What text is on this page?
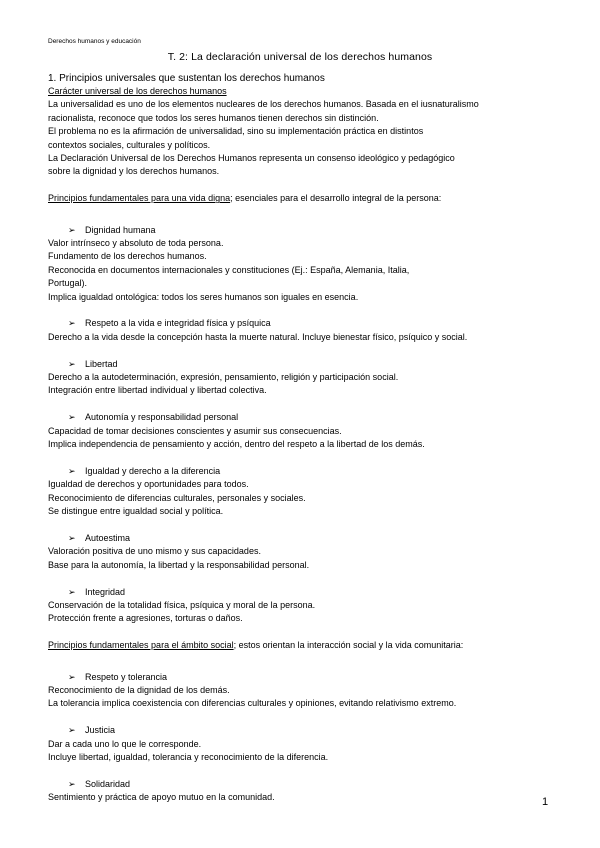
Derechos humanos y educación
T. 2: La declaración universal de los derechos humanos

1. Principios universales que sustentan los derechos humanos

Carácter universal de los derechos humanos

La universalidad es uno de los elementos nucleares de los derechos humanos. Basada en el iusnaturalismo

racionalista, reconoce que todos los seres humanos tienen derechos sin distinción.

El problema no es la afirmación de universalidad, sino su implementación práctica en distintos

contextos sociales, culturales y políticos.

La Declaración Universal de los Derechos Humanos representa un consenso ideológico y pedagógico

sobre la dignidad y los derechos humanos.

Principios fundamentales para una vida digna; esenciales para el desarrollo integral de la persona:

➢	Dignidad humana

Valor intrínseco y absoluto de toda persona.

Fundamento de los derechos humanos.

Reconocida en documentos internacionales y constituciones (Ej.: España, Alemania, Italia,

Portugal).

Implica igualdad ontológica: todos los seres humanos son iguales en esencia.

➢	Respeto a la vida e integridad física y psíquica

Derecho a la vida desde la concepción hasta la muerte natural. Incluye bienestar físico, psíquico y social.

➢	Libertad

Derecho a la autodeterminación, expresión, pensamiento, religión y participación social.

Integración entre libertad individual y libertad colectiva.

➢	Autonomía y responsabilidad personal

Capacidad de tomar decisiones conscientes y asumir sus consecuencias.

Implica independencia de pensamiento y acción, dentro del respeto a la libertad de los demás.

➢	Igualdad y derecho a la diferencia

Igualdad de derechos y oportunidades para todos.

Reconocimiento de diferencias culturales, personales y sociales.

Se distingue entre igualdad social y política.

➢	Autoestima

Valoración positiva de uno mismo y sus capacidades.

Base para la autonomía, la libertad y la responsabilidad personal.

➢	Integridad

Conservación de la totalidad física, psíquica y moral de la persona.

Protección frente a agresiones, torturas o daños.

Principios fundamentales para el ámbito social; estos orientan la interacción social y la vida comunitaria:

➢	Respeto y tolerancia

Reconocimiento de la dignidad de los demás.

La tolerancia implica coexistencia con diferencias culturales y opiniones, evitando relativismo extremo.

➢	Justicia

Dar a cada uno lo que le corresponde.

Incluye libertad, igualdad, tolerancia y reconocimiento de la diferencia.

➢	Solidaridad

Sentimiento y práctica de apoyo mutuo en la comunidad.	1
